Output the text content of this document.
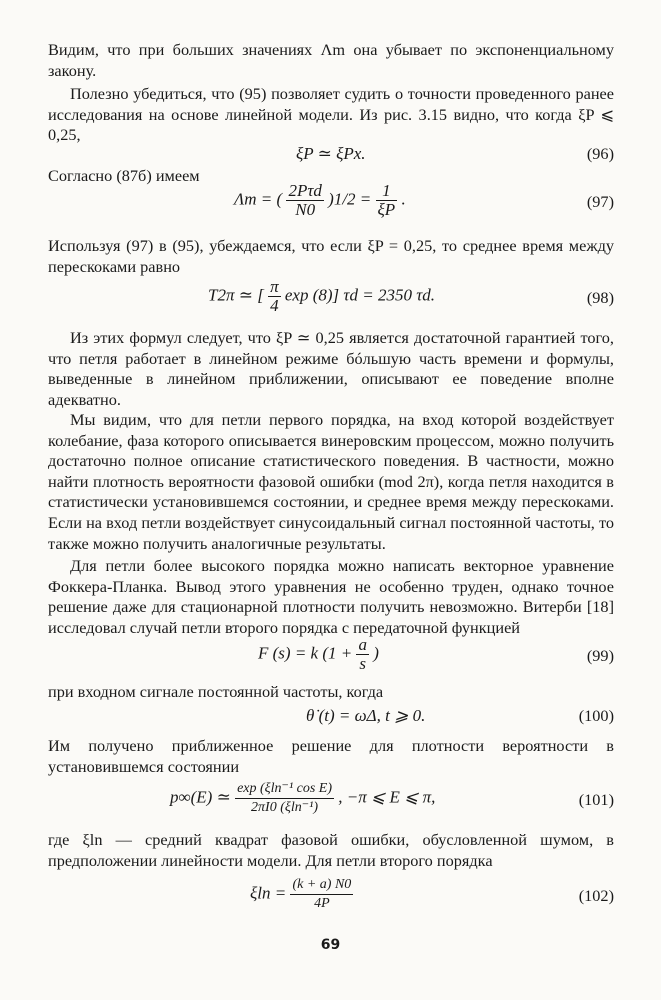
Видим, что при больших значениях Λm она убывает по экспоненциальному закону.
Полезно убедиться, что (95) позволяет судить о точности проведенного ранее исследования на основе линейной модели. Из рис. 3.15 видно, что когда ξP ⩽ 0,25,
ξP ≃ ξPx.	(96)
Согласно (87б) имеем
Λm = ( $\frac{\text{2Pτd}}{N0} )1/2 = \frac{1}{\xi P}$ .	(97)
Используя (97) в (95), убеждаемся, что если ξP = 0,25, то среднее время между перескоками равно
T2π ≃ [ $\frac{\pi}{4}$ exp (8)] τd = 2350 τd.	(98)
Из этих формул следует, что ξP ≃ 0,25 является достаточной гарантией того, что петля работает в линейном режиме бóльшую часть времени и формулы, выведенные в линейном приближении, описывают ее поведение вполне адекватно.
Мы видим, что для петли первого порядка, на вход которой воздействует колебание, фаза которого описывается винеровским процессом, можно получить достаточно полное описание статистического поведения. В частности, можно найти плотность вероятности фазовой ошибки (mod 2π), когда петля находится в статистически установившемся состоянии, и среднее время между перескоками. Если на вход петли воздействует синусоидальный сигнал постоянной частоты, то также можно получить аналогичные результаты.
Для петли более высокого порядка можно написать векторное уравнение Фоккера-Планка. Вывод этого уравнения не особенно труден, однако точное решение даже для стационарной плотности получить невозможно. Витерби [18] исследовал случай петли второго порядка с передаточной функцией
F (s) = k ($1 + \frac{a}{s}$ )	(99)
при входном сигнале постоянной частоты, когда
θ̇ (t) = ωΔ, t ⩾ 0.	(100)
Им получено приближенное решение для плотности вероятности в установившемся состоянии
p∞(E) ≃ $\frac{\text{exp (ξln⁻¹ cos E)}}{\text{2πI0 (ξln⁻¹)}}$ , −π ⩽ E ⩽ π,	(101)
где ξln — средний квадрат фазовой ошибки, обусловленной шумом, в предположении линейности модели. Для петли второго порядка
$\xi\ln = \frac{(k + a) N0}{4P}$	(102)
69
